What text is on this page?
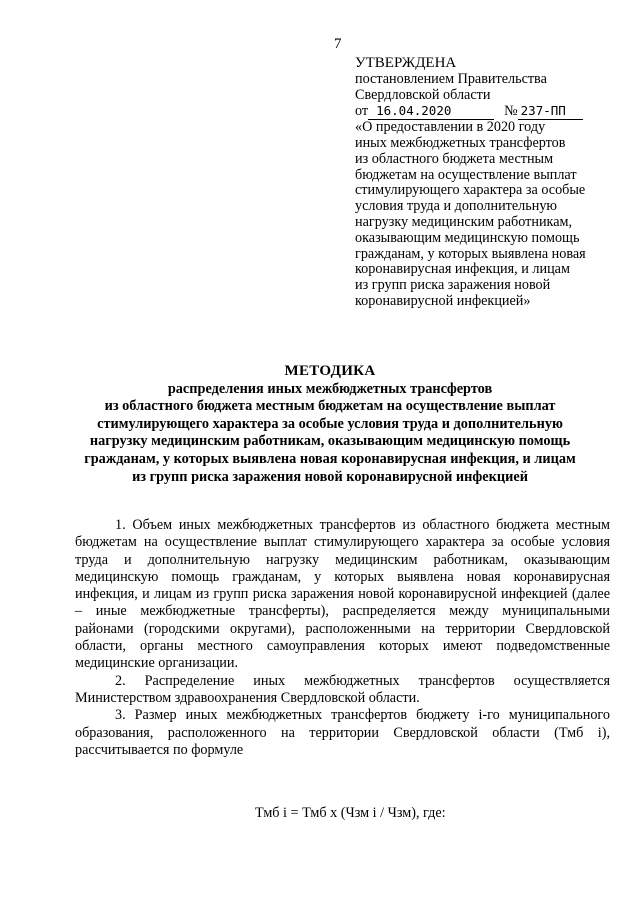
7
УТВЕРЖДЕНА
постановлением Правительства
Свердловской области
от 16.04.2020	№ 237-ПП
«О предоставлении в 2020 году
иных межбюджетных трансфертов
из областного бюджета местным
бюджетам на осуществление выплат
стимулирующего характера за особые
условия труда и дополнительную
нагрузку медицинским работникам,
оказывающим медицинскую помощь
гражданам, у которых выявлена новая
коронавирусная инфекция, и лицам
из групп риска заражения новой
коронавирусной инфекцией»
МЕТОДИКА
распределения иных межбюджетных трансфертов
из областного бюджета местным бюджетам на осуществление выплат
стимулирующего характера за особые условия труда и дополнительную
нагрузку медицинским работникам, оказывающим медицинскую помощь
гражданам, у которых выявлена новая коронавирусная инфекция, и лицам
из групп риска заражения новой коронавирусной инфекцией

1. Объем иных межбюджетных трансфертов из областного бюджета местным бюджетам на осуществление выплат стимулирующего характера за особые условия труда и дополнительную нагрузку медицинским работникам, оказывающим медицинскую помощь гражданам, у которых выявлена новая коронавирусная инфекция, и лицам из групп риска заражения новой коронавирусной инфекцией (далее – иные межбюджетные трансферты), распределяется между муниципальными районами (городскими округами), расположенными на территории Свердловской области, органы местного самоуправления которых имеют подведомственные медицинские организации.

2. Распределение иных межбюджетных трансфертов осуществляется Министерством здравоохранения Свердловской области.

3. Размер иных межбюджетных трансфертов бюджету i-го муниципального образования, расположенного на территории Свердловской области (Тмб i), рассчитывается по формуле

Тмб i = Тмб x (Чзм i / Чзм), где:
